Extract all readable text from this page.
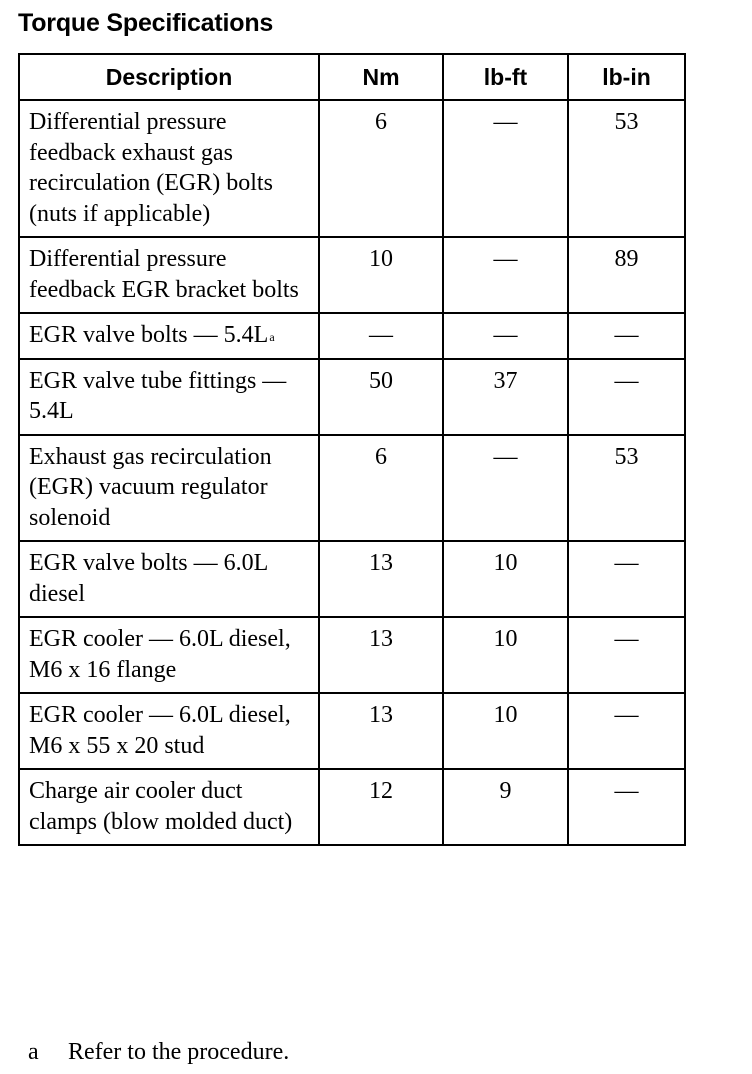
Torque Specifications
Description	Nm	lb-ft	lb-in
Differential pressure feedback exhaust gas recirculation (EGR) bolts (nuts if applicable)	6	—	53
Differential pressure feedback EGR bracket bolts	10	—	89
EGR valve bolts — $5.4L^a$	—	—	—
EGR valve tube fittings — 5.4L	50	37	—
Exhaust gas recirculation (EGR) vacuum regulator solenoid	6	—	53
EGR valve bolts — 6.0L diesel	13	10	—
EGR cooler — 6.0L diesel, M6 x 16 flange	13	10	—
EGR cooler — 6.0L diesel, M6 x 55 x 20 stud	13	10	—
Charge air cooler duct clamps (blow molded duct)	12	9	—

a Refer to the procedure.
